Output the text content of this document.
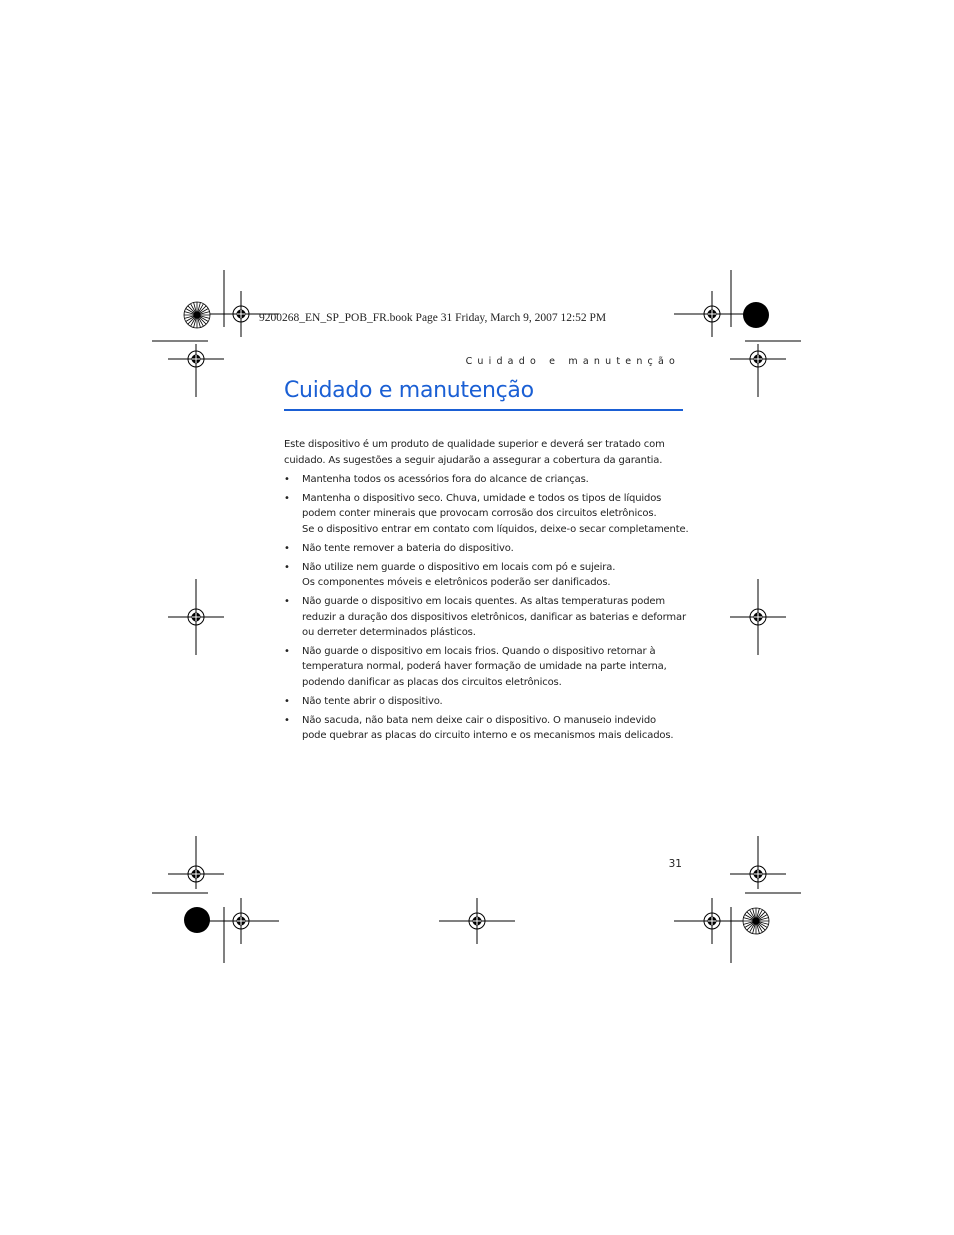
9200268_EN_SP_POB_FR.book Page 31 Friday, March 9, 2007 12:52 PM
Cuidado e manutenção
Cuidado e manutenção

Este dispositivo é um produto de qualidade superior e deverá ser tratado com
cuidado. As sugestões a seguir ajudarão a assegurar a cobertura da garantia.

• Mantenha todos os acessórios fora do alcance de crianças.
• Mantenha o dispositivo seco. Chuva, umidade e todos os tipos de líquidos
podem conter minerais que provocam corrosão dos circuitos eletrônicos.
Se o dispositivo entrar em contato com líquidos, deixe-o secar completamente.
• Não tente remover a bateria do dispositivo.
• Não utilize nem guarde o dispositivo em locais com pó e sujeira.
Os componentes móveis e eletrônicos poderão ser danificados.
• Não guarde o dispositivo em locais quentes. As altas temperaturas podem
reduzir a duração dos dispositivos eletrônicos, danificar as baterias e deformar
ou derreter determinados plásticos.
• Não guarde o dispositivo em locais frios. Quando o dispositivo retornar à
temperatura normal, poderá haver formação de umidade na parte interna,
podendo danificar as placas dos circuitos eletrônicos.
• Não tente abrir o dispositivo.
• Não sacuda, não bata nem deixe cair o dispositivo. O manuseio indevido
pode quebrar as placas do circuito interno e os mecanismos mais delicados.
31
